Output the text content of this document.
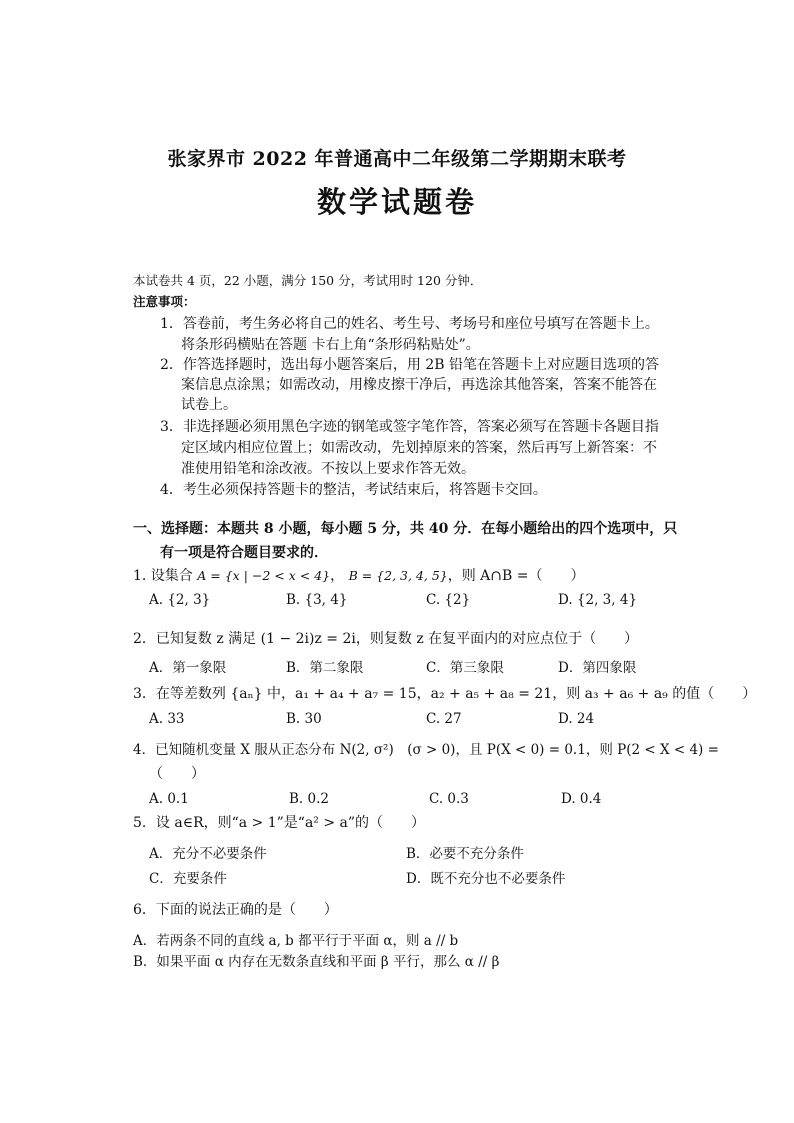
张家界市 2022 年普通高中二年级第二学期期末联考
数学试题卷
本试卷共 4 页，22 小题，满分 150 分，考试用时 120 分钟．
注意事项：
1．答卷前，考生务必将自己的姓名、考生号、考场号和座位号填写在答题卡上。
将条形码横贴在答题 卡右上角“条形码粘贴处”。
2．作答选择题时，选出每小题答案后，用 2B 铅笔在答题卡上对应题目选项的答
案信息点涂黑；如需改动，用橡皮擦干净后，再选涂其他答案，答案不能答在
试卷上。
3．非选择题必须用黑色字迹的钢笔或签字笔作答，答案必须写在答题卡各题目指
定区域内相应位置上；如需改动，先划掉原来的答案，然后再写上新答案：不
准使用铅笔和涂改液。不按以上要求作答无效。
4．考生必须保持答题卡的整洁，考试结束后，将答题卡交回。
一、选择题：本题共 8 小题，每小题 5 分，共 40 分．在每小题给出的四个选项中，只
有一项是符合题目要求的．
1. 设集合 A = {x | −2 < x < 4}， B = {2, 3, 4, 5}，则 A∩B =（　　）
A. {2, 3}	B. {3, 4}	C. {2}	D. {2, 3, 4}
2．已知复数 z 满足 (1 − 2i)z = 2i，则复数 z 在复平面内的对应点位于（　　）
A．第一象限	B．第二象限	C．第三象限	D．第四象限
3．在等差数列 {aₙ} 中，a₁ + a₄ + a₇ = 15，a₂ + a₅ + a₈ = 21，则 a₃ + a₆ + a₉ 的值（　　）
A. 33	B. 30	C. 27	D. 24
4．已知随机变量 X 服从正态分布 N(2, σ²)　(σ > 0)，且 P(X < 0) = 0.1，则 P(2 < X < 4) =
（　　）
A. 0.1	B. 0.2	C. 0.3	D. 0.4
5．设 a∈R，则“a > 1”是“a² > a”的（　　）
A．充分不必要条件	B．必要不充分条件
C．充要条件	D．既不充分也不必要条件
6．下面的说法正确的是（　　）
A．若两条不同的直线 a, b 都平行于平面 α，则 a // b
B．如果平面 α 内存在无数条直线和平面 β 平行，那么 α // β
